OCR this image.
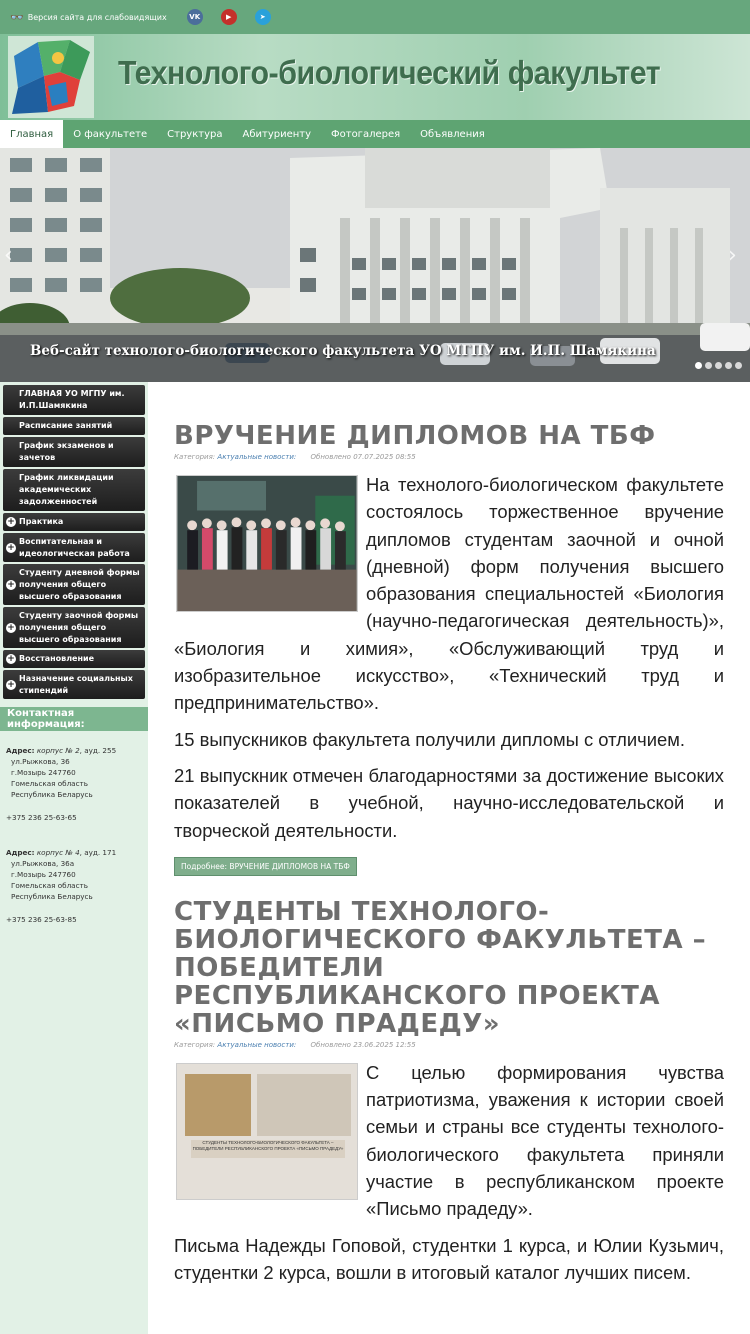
👓 Версия сайта для слабовидящих	VK	▶	➤
Технолого-биологический факультет
Главная	О факультете	Структура	Абитуриенту	Фотогалерея	Объявления
‹	›
Веб-сайт технолого-биологического факультета УО МГПУ им. И.П. Шамякина
ГЛАВНАЯ УО МГПУ им. И.П.Шамякина
Расписание занятий
График экзаменов и зачетов
График ликвидации академических задолженностей
+ Практика
+
Воспитательная и идеологическая работа
+
Студенту дневной формы получения общего высшего образования
+
Студенту заочной формы получения общего высшего образования
+ Восстановление
+
Назначение социальных стипендий
Контактная информация:
Адрес: корпус № 2, ауд. 255
ул.Рыжкова, 36
г.Мозырь 247760
Гомельская область
Республика Беларусь
+375 236 25-63-65
Адрес: корпус № 4, ауд. 171
ул.Рыжкова, 36а
г.Мозырь 247760
Гомельская область
Республика Беларусь
+375 236 25-63-85
ВРУЧЕНИЕ ДИПЛОМОВ НА ТБФ
Категория: Актуальные новости: Обновлено 07.07.2025 08:55

На технолого-биологическом факультете состоялось торжественное вручение дипломов студентам заочной и очной (дневной) форм получения высшего образования специальностей «Биология (научно-педагогическая деятельность)», «Биология и химия», «Обслуживающий труд и изобразительное искусство», «Технический труд и предпринимательство».

15 выпускников факультета получили дипломы с отличием.

21 выпускник отмечен благодарностями за достижение высоких показателей в учебной, научно-исследовательской и творческой деятельности.

Подробнее: ВРУЧЕНИЕ ДИПЛОМОВ НА ТБФ
СТУДЕНТЫ ТЕХНОЛОГО-БИОЛОГИЧЕСКОГО ФАКУЛЬТЕТА – ПОБЕДИТЕЛИ РЕСПУБЛИКАНСКОГО ПРОЕКТА «ПИСЬМО ПРАДЕДУ»
Категория: Актуальные новости: Обновлено 23.06.2025 12:55
СТУДЕНТЫ ТЕХНОЛОГО-БИОЛОГИЧЕСКОГО ФАКУЛЬТЕТА – ПОБЕДИТЕЛИ РЕСПУБЛИКАНСКОГО ПРОЕКТА «ПИСЬМО ПРАДЕДУ»

С целью формирования чувства патриотизма, уважения к истории своей семьи и страны все студенты технолого-биологического факультета приняли участие в республиканском проекте «Письмо прадеду».

Письма Надежды Гоповой, студентки 1 курса, и Юлии Кузьмич, студентки 2 курса, вошли в итоговый каталог лучших писем.
